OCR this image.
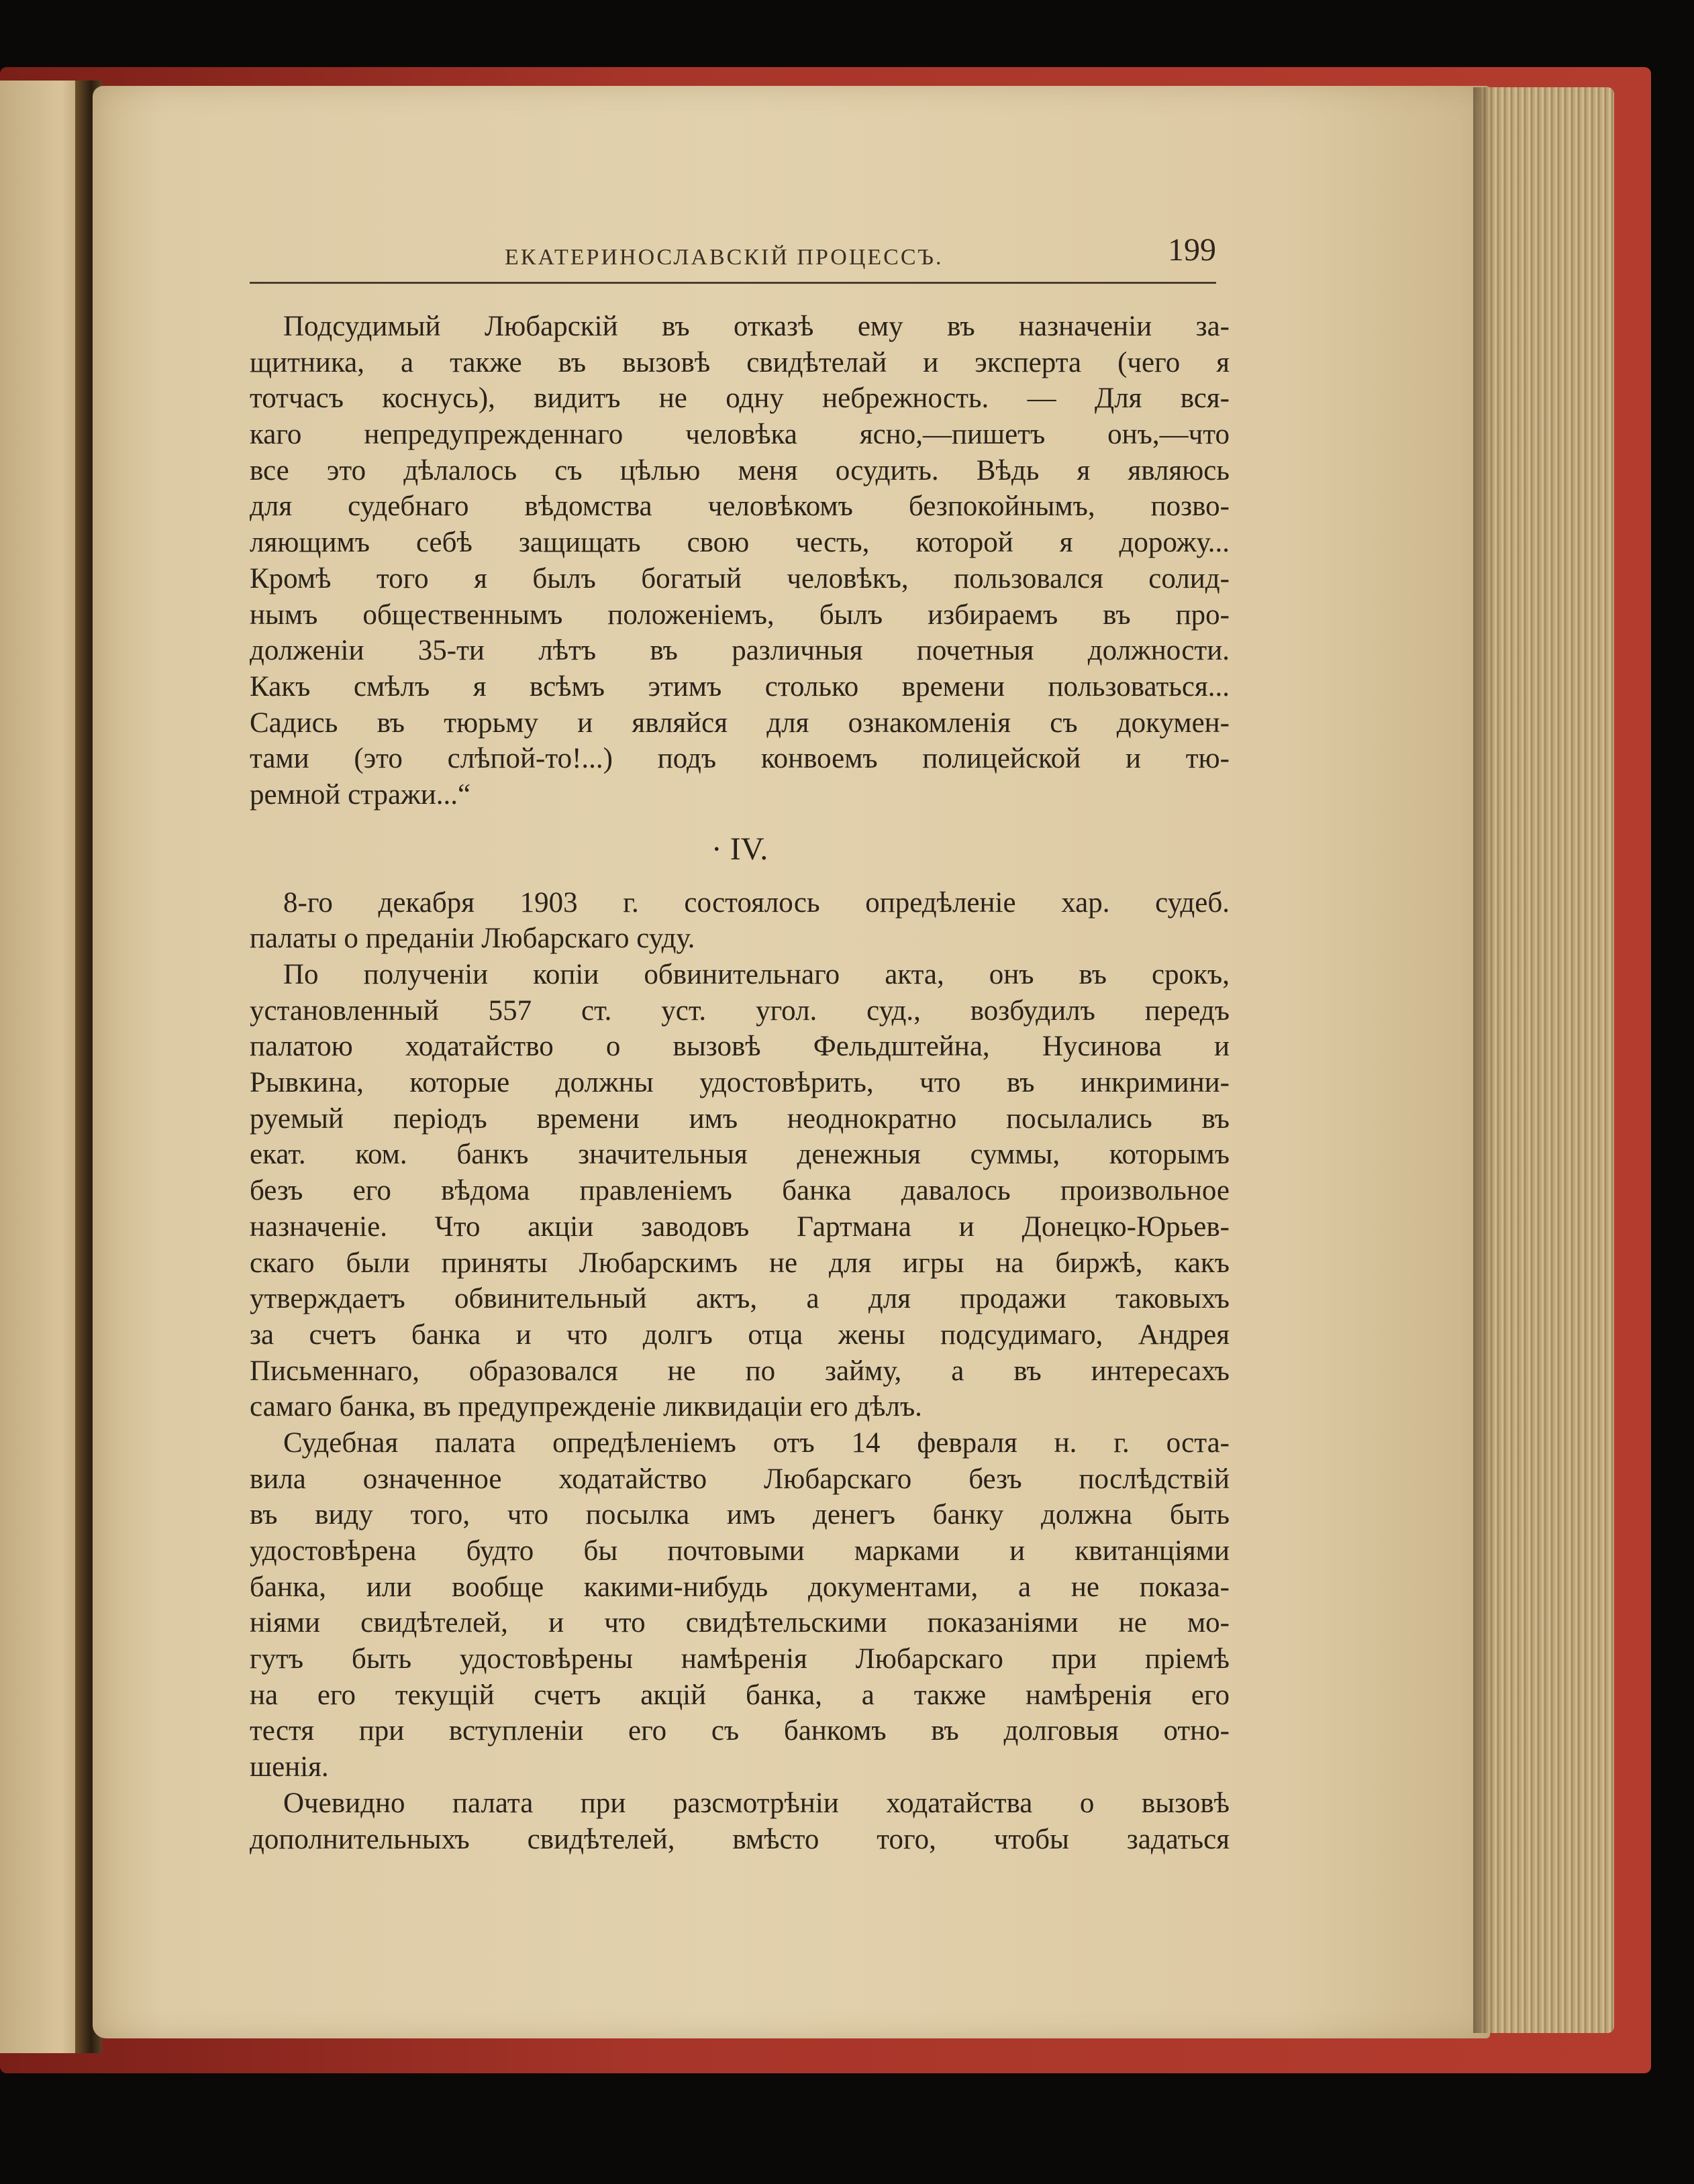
ЕКАТЕРИНОСЛАВСКІЙ ПРОЦЕССЪ.	199
Подсудимый Любарскій въ отказѣ ему въ назначеніи за-
щитника, а также въ вызовѣ свидѣтелай и эксперта (чего я
тотчасъ коснусь), видитъ не одну небрежность. — Для вся-
каго непредупрежденнаго человѣка ясно,—пишетъ онъ,—что
все это дѣлалось съ цѣлью меня осудить. Вѣдь я являюсь
для судебнаго вѣдомства человѣкомъ безпокойнымъ, позво-
ляющимъ себѣ защищать свою честь, которой я дорожу...
Кромѣ того я былъ богатый человѣкъ, пользовался солид-
нымъ общественнымъ положеніемъ, былъ избираемъ въ про-
долженіи 35-ти лѣтъ въ различныя почетныя должности.
Какъ смѣлъ я всѣмъ этимъ столько времени пользоваться...
Садись въ тюрьму и являйся для ознакомленія съ докумен-
тами (это слѣпой-то!...) подъ конвоемъ полицейской и тю-
ремной стражи...“
· IV.
8-го декабря 1903 г. состоялось опредѣленіе хар. судеб.
палаты о преданіи Любарскаго суду.
По полученіи копіи обвинительнаго акта, онъ въ срокъ,
установленный 557 ст. уст. угол. суд., возбудилъ передъ
палатою ходатайство о вызовѣ Фельдштейна, Нусинова и
Рывкина, которые должны удостовѣрить, что въ инкримини-
руемый періодъ времени имъ неоднократно посылались въ
екат. ком. банкъ значительныя денежныя суммы, которымъ
безъ его вѣдома правленіемъ банка давалось произвольное
назначеніе. Что акціи заводовъ Гартмана и Донецко-Юрьев-
скаго были приняты Любарскимъ не для игры на биржѣ, какъ
утверждаетъ обвинительный актъ, а для продажи таковыхъ
за счетъ банка и что долгъ отца жены подсудимаго, Андрея
Письменнаго, образовался не по займу, а въ интересахъ
самаго банка, въ предупрежденіе ликвидаціи его дѣлъ.
Судебная палата опредѣленіемъ отъ 14 февраля н. г. оста-
вила означенное ходатайство Любарскаго безъ послѣдствій
въ виду того, что посылка имъ денегъ банку должна быть
удостовѣрена будто бы почтовыми марками и квитанціями
банка, или вообще какими-нибудь документами, а не показа-
ніями свидѣтелей, и что свидѣтельскими показаніями не мо-
гутъ быть удостовѣрены намѣренія Любарскаго при пріемѣ
на его текущій счетъ акцій банка, а также намѣренія его
тестя при вступленіи его съ банкомъ въ долговыя отно-
шенія.
Очевидно палата при разсмотрѣніи ходатайства о вызовѣ
дополнительныхъ свидѣтелей, вмѣсто того, чтобы задаться
